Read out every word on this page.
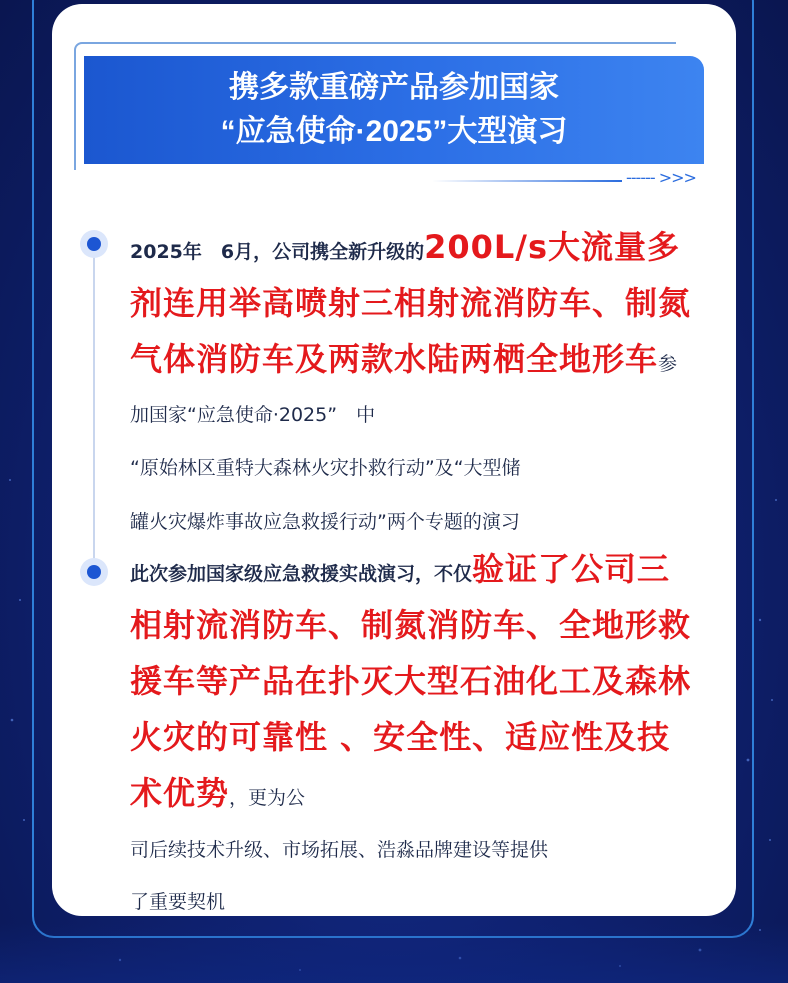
携多款重磅产品参加国家
“应急使命·2025”大型演习
------ >>>
2025年　6月，公司携全新升级的200L/s大流量多剂连用举高喷射三相射流消防车、制氮气体消防车及两款水陆两栖全地形车参加国家“应急使命·2025”　中
“原始林区重特大森林火灾扑救行动”及“大型储
罐火灾爆炸事故应急救援行动”两个专题的演习
此次参加国家级应急救援实战演习，不仅验证了公司三相射流消防车、制氮消防车、全地形救援车等产品在扑灭大型石油化工及森林火灾的可靠性 、安全性、适应性及技术优势，更为公
司后续技术升级、市场拓展、浩淼品牌建设等提供
了重要契机
